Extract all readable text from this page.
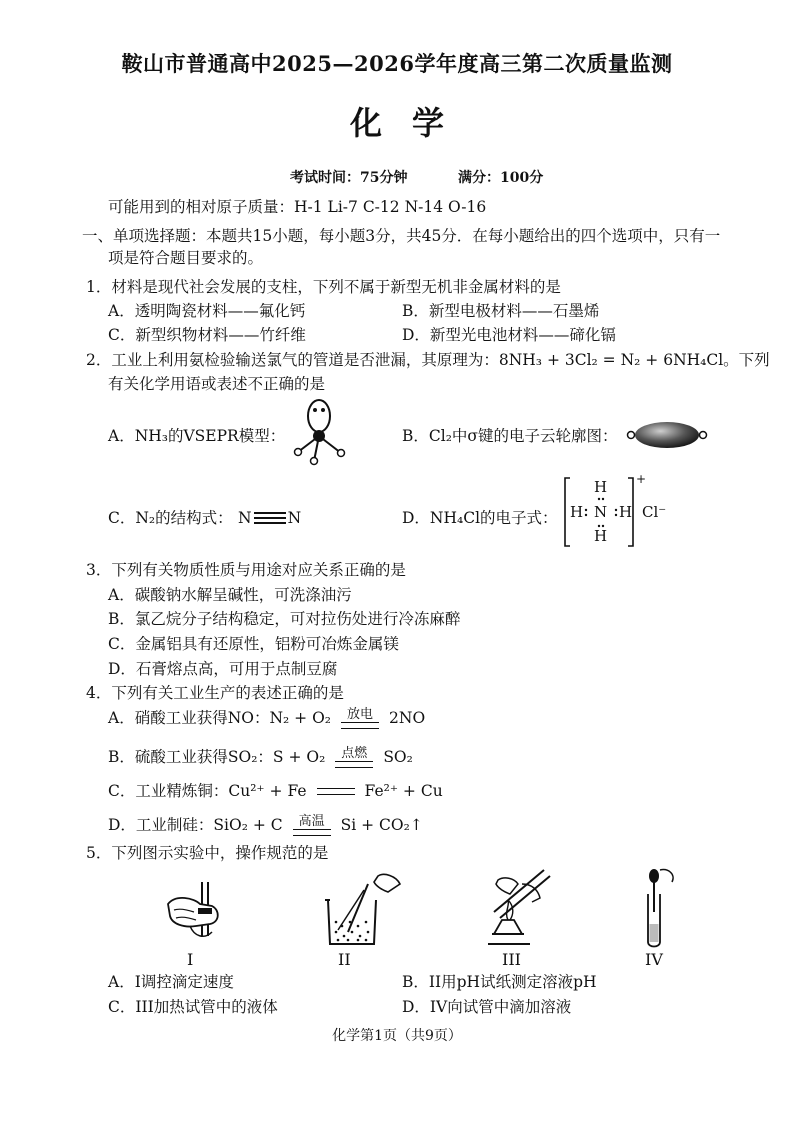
鞍山市普通高中2025—2026学年度高三第二次质量监测
化学
考试时间：75分钟	满分：100分
可能用到的相对原子质量：H-1 Li-7 C-12 N-14 O-16
一、单项选择题：本题共15小题，每小题3分，共45分．在每小题给出的四个选项中，只有一
项是符合题目要求的。
1．材料是现代社会发展的支柱，下列不属于新型无机非金属材料的是
A．透明陶瓷材料——氟化钙	B．新型电极材料——石墨烯
C．新型织物材料——竹纤维	D．新型光电池材料——碲化镉
2．工业上利用氨检验输送氯气的管道是否泄漏，其原理为：8NH₃ + 3Cl₂ = N₂ + 6NH₄Cl。下列
有关化学用语或表述不正确的是
A．NH₃的VSEPR模型：	B．Cl₂中σ键的电子云轮廓图：
C．N₂的结构式： N N	D．NH₄Cl的电子式：
H
H N H
H
+
Cl⁻
3．下列有关物质性质与用途对应关系正确的是
A．碳酸钠水解呈碱性，可洗涤油污
B．氯乙烷分子结构稳定，可对拉伤处进行冷冻麻醉
C．金属铝具有还原性，铝粉可冶炼金属镁
D．石膏熔点高，可用于点制豆腐
4．下列有关工业生产的表述正确的是
A．硝酸工业获得NO：N₂ + O₂ 放电 2NO
B．硫酸工业获得SO₂：S + O₂ 点燃 SO₂
C．工业精炼铜：Cu²⁺ + Fe	Fe²⁺ + Cu
D．工业制硅：SiO₂ + C 高温 Si + CO₂↑
5．下列图示实验中，操作规范的是
I	II	III	IV
A．I调控滴定速度	B．II用pH试纸测定溶液pH
C．III加热试管中的液体	D．IV向试管中滴加溶液
化学第1页（共9页）
